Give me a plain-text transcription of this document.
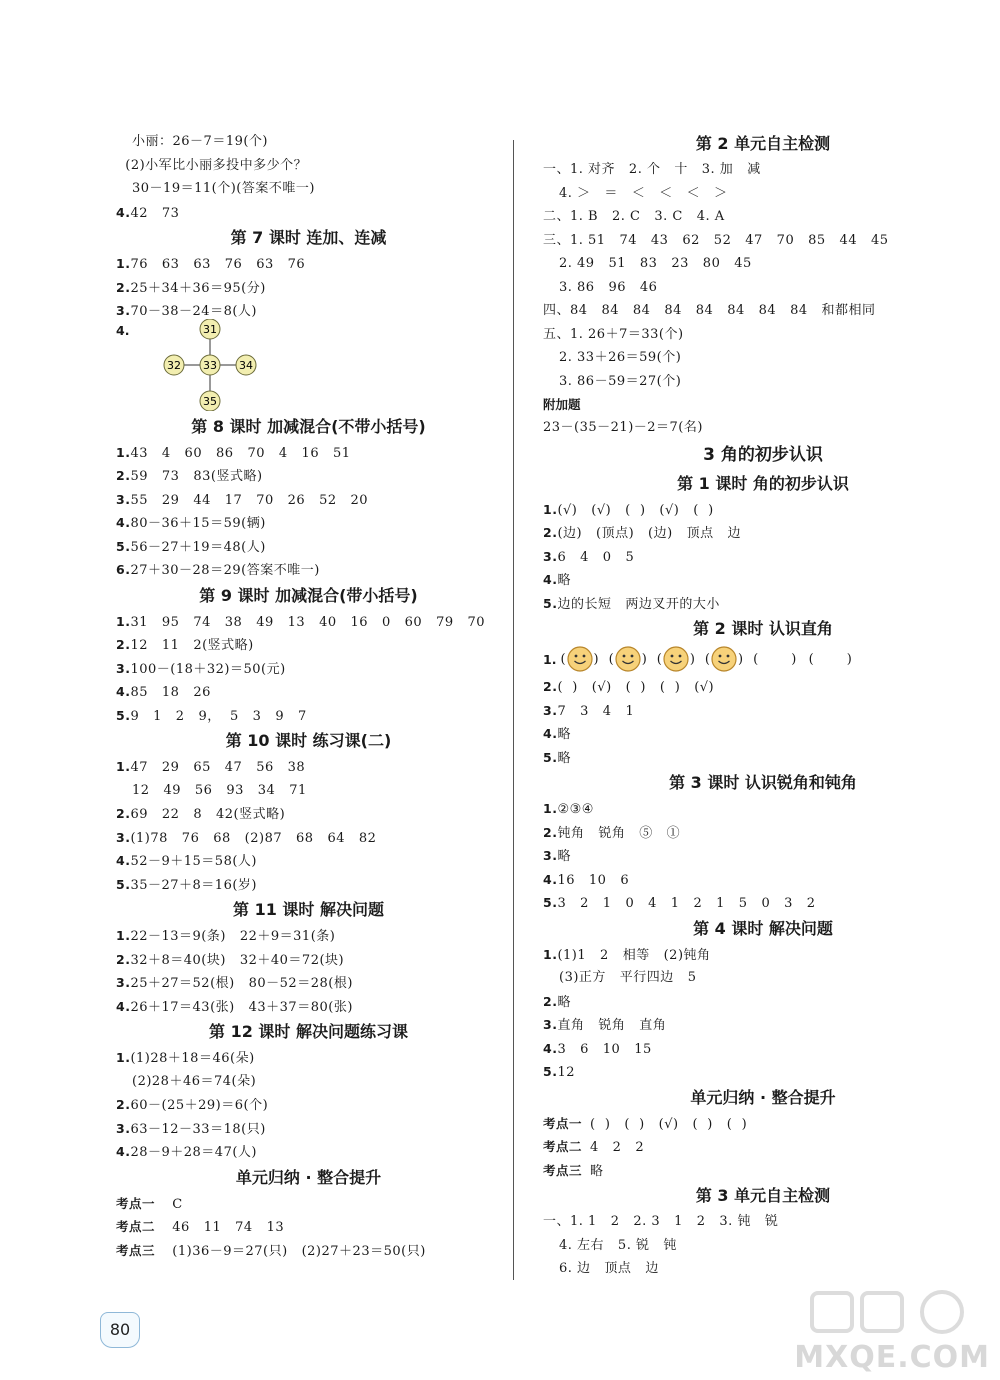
小丽：26－7＝19(个)
(2)小军比小丽多投中多少个？
30－19＝11(个)(答案不唯一)
4.42   73
第 7 课时 连加、连减
1.76   63   63   76   63   76
2.25＋34＋36＝95(分)
3.70－38－24＝8(人)
4.
33
31
35
32	34
第 8 课时 加减混合(不带小括号)
1.43   4   60   86   70   4   16   51
2.59   73   83(竖式略)
3.55   29   44   17   70   26   52   20
4.80－36＋15＝59(辆)
5.56－27＋19＝48(人)
6.27＋30－28＝29(答案不唯一)
第 9 课时 加减混合(带小括号)
1.31   95   74   38   49   13   40   16   0   60   79   70
2.12   11   2(竖式略)
3.100－(18＋32)＝50(元)
4.85   18   26
5.9   1   2   9，  5   3   9   7
第 10 课时 练习课(二)
1.47   29   65   47   56   38
12   49   56   93   34   71
2.69   22   8   42(竖式略)
3.(1)78   76   68   (2)87   68   64   82
4.52－9＋15＝58(人)
5.35－27＋8＝16(岁)
第 11 课时 解决问题
1.22－13＝9(条)   22＋9＝31(条)
2.32＋8＝40(块)   32＋40＝72(块)
3.25＋27＝52(根)   80－52＝28(根)
4.26＋17＝43(张)   43＋37＝80(张)
第 12 课时 解决问题练习课
1.(1)28＋18＝46(朵)
(2)28＋46＝74(朵)
2.60－(25＋29)＝6(个)
3.63－12－33＝18(只)
4.28－9＋28＝47(人)
单元归纳 · 整合提升
考点一  C
考点二  46   11   74   13
考点三  (1)36－9＝27(只)   (2)27＋23＝50(只)
第 2 单元自主检测
一、1. 对齐   2. 个   十   3. 加   减
4. ＞   ＝   ＜   ＜   ＜   ＞
二、1. B   2. C   3. C   4. A
三、1. 51   74   43   62   52   47   70   85   44   45
2. 49   51   83   23   80   45
3. 86   96   46
四、84   84   84   84   84   84   84   84   和都相同
五、1. 26＋7＝33(个)
2. 33＋26＝59(个)
3. 86－59＝27(个)
附加题
23－(35－21)－2＝7(名)
3 角的初步认识
第 1 课时 角的初步认识
1.(√)   (√)   (  )   (√)   (  )
2.(边)   (顶点)   (边)   顶点   边
3.6   4   0   5
4.略
5.边的长短   两边叉开的大小
第 2 课时 认识直角
1. ( ) ( ) ( ) ( ) (        )   (        )
2.(  )   (√)   (  )   (  )   (√)
3.7   3   4   1
4.略
5.略
第 3 课时 认识锐角和钝角
1.②③④
2.钝角   锐角   ⑤   ①
3.略
4.16   10   6
5.3   2   1   0   4   1   2   1   5   0   3   2
第 4 课时 解决问题
1.(1)1   2   相等   (2)钝角
(3)正方   平行四边   5
2.略
3.直角   锐角   直角
4.3   6   10   15
5.12
单元归纳 · 整合提升
考点一 (  )   (  )   (√)   (  )   (  )
考点二 4   2   2
考点三 略
第 3 单元自主检测
一、1. 1   2   2. 3   1   2   3. 钝   锐
4. 左右   5. 锐   钝
6. 边   顶点   边
80
MXQE.COM
